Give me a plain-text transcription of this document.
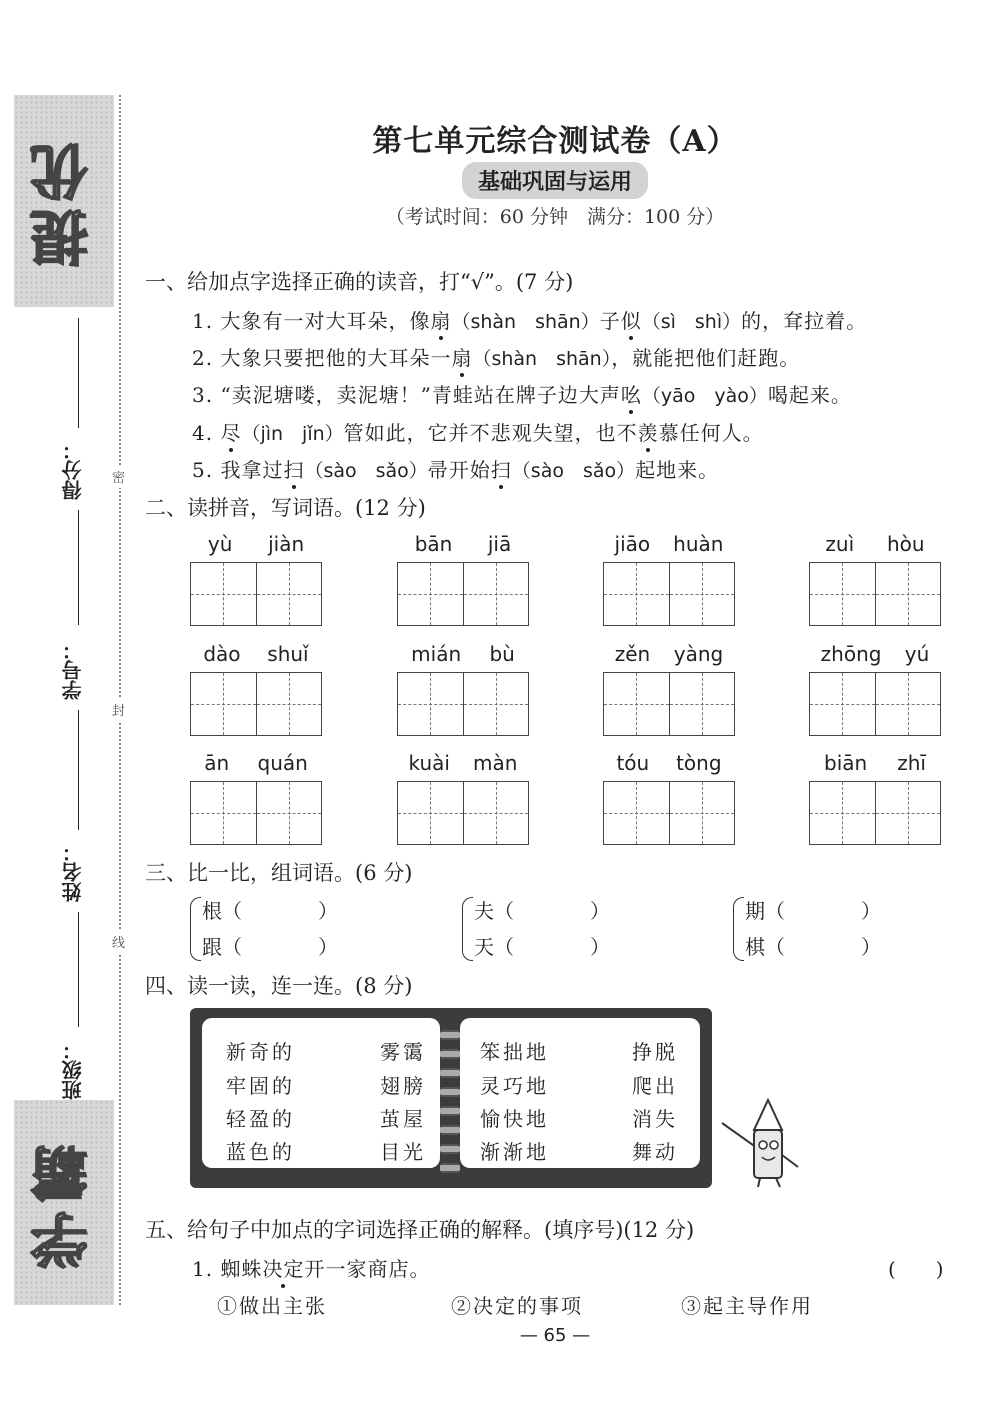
提优
学霸
得分：
学号：
姓名：
班级：
密
封
线
第七单元综合测试卷（A）
基础巩固与运用
（考试时间：60 分钟　满分：100 分）
一、给加点字选择正确的读音，打“√”。(7 分)
1. 大象有一对大耳朵，像扇（shàn　shān）子似（sì　shì）的，耷拉着。
2. 大象只要把他的大耳朵一扇（shàn　shān），就能把他们赶跑。
3. “卖泥塘喽，卖泥塘！”青蛙站在牌子边大声吆（yāo　yào）喝起来。
4. 尽（jìn　jǐn）管如此，它并不悲观失望，也不羡慕任何人。
5. 我拿过扫（sào　sǎo）帚开始扫（sào　sǎo）起地来。
二、读拼音，写词语。(12 分)
yù jiàn	bān jiā	jiāo huàn	zuì hòu
dào shuǐ	mián bù	zěn yàng	zhōng yú
ān quán	kuài màn	tóu tòng	biān zhī
三、比一比，组词语。(6 分)
根（	）
跟（	）
夫（	）
天（	）
期（	）
棋（	）
四、读一读，连一连。(8 分)
新奇的
牢固的
轻盈的
蓝色的
雾霭
翅膀
茧屋
目光
笨拙地
灵巧地
愉快地
渐渐地
挣脱
爬出
消失
舞动
五、给句子中加点的字词选择正确的解释。(填序号)(12 分)
1. 蜘蛛决定开一家商店。	(　　)
①做出主张	②决定的事项	③起主导作用
— 65 —
